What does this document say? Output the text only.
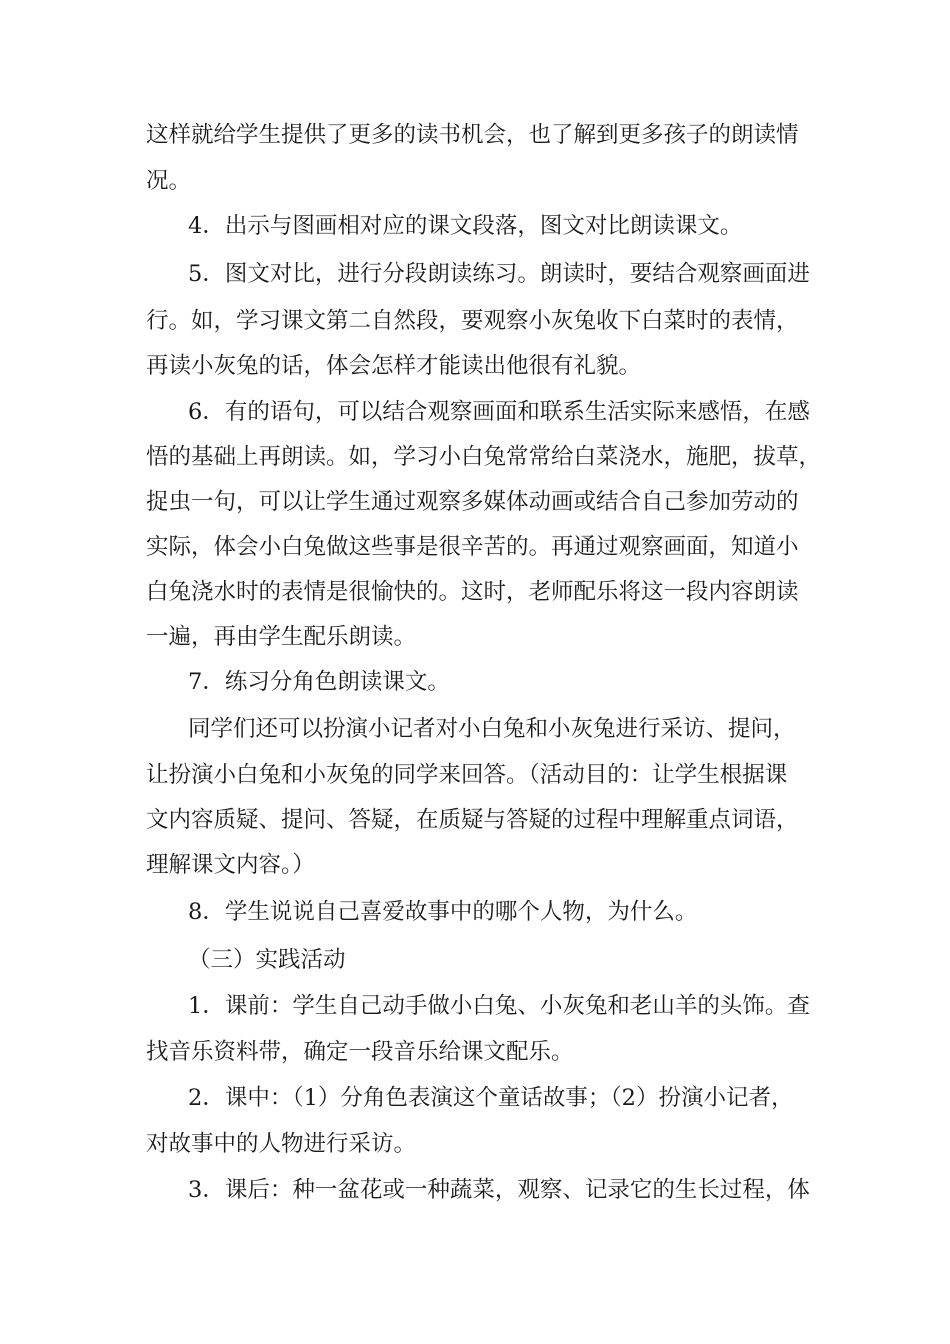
这样就给学生提供了更多的读书机会，也了解到更多孩子的朗读情
况。
4．出示与图画相对应的课文段落，图文对比朗读课文。
5．图文对比，进行分段朗读练习。朗读时，要结合观察画面进
行。如，学习课文第二自然段，要观察小灰兔收下白菜时的表情，
再读小灰兔的话，体会怎样才能读出他很有礼貌。
6．有的语句，可以结合观察画面和联系生活实际来感悟，在感
悟的基础上再朗读。如，学习小白兔常常给白菜浇水，施肥，拔草，
捉虫一句，可以让学生通过观察多媒体动画或结合自己参加劳动的
实际，体会小白兔做这些事是很辛苦的。再通过观察画面，知道小
白兔浇水时的表情是很愉快的。这时，老师配乐将这一段内容朗读
一遍，再由学生配乐朗读。
7．练习分角色朗读课文。
同学们还可以扮演小记者对小白兔和小灰兔进行采访、提问，
让扮演小白兔和小灰兔的同学来回答。（活动目的：让学生根据课
文内容质疑、提问、答疑，在质疑与答疑的过程中理解重点词语，
理解课文内容。）
8．学生说说自己喜爱故事中的哪个人物，为什么。
（三）实践活动
1．课前：学生自己动手做小白兔、小灰兔和老山羊的头饰。查
找音乐资料带，确定一段音乐给课文配乐。
2．课中：（1）分角色表演这个童话故事；（2）扮演小记者，
对故事中的人物进行采访。
3．课后：种一盆花或一种蔬菜，观察、记录它的生长过程，体
